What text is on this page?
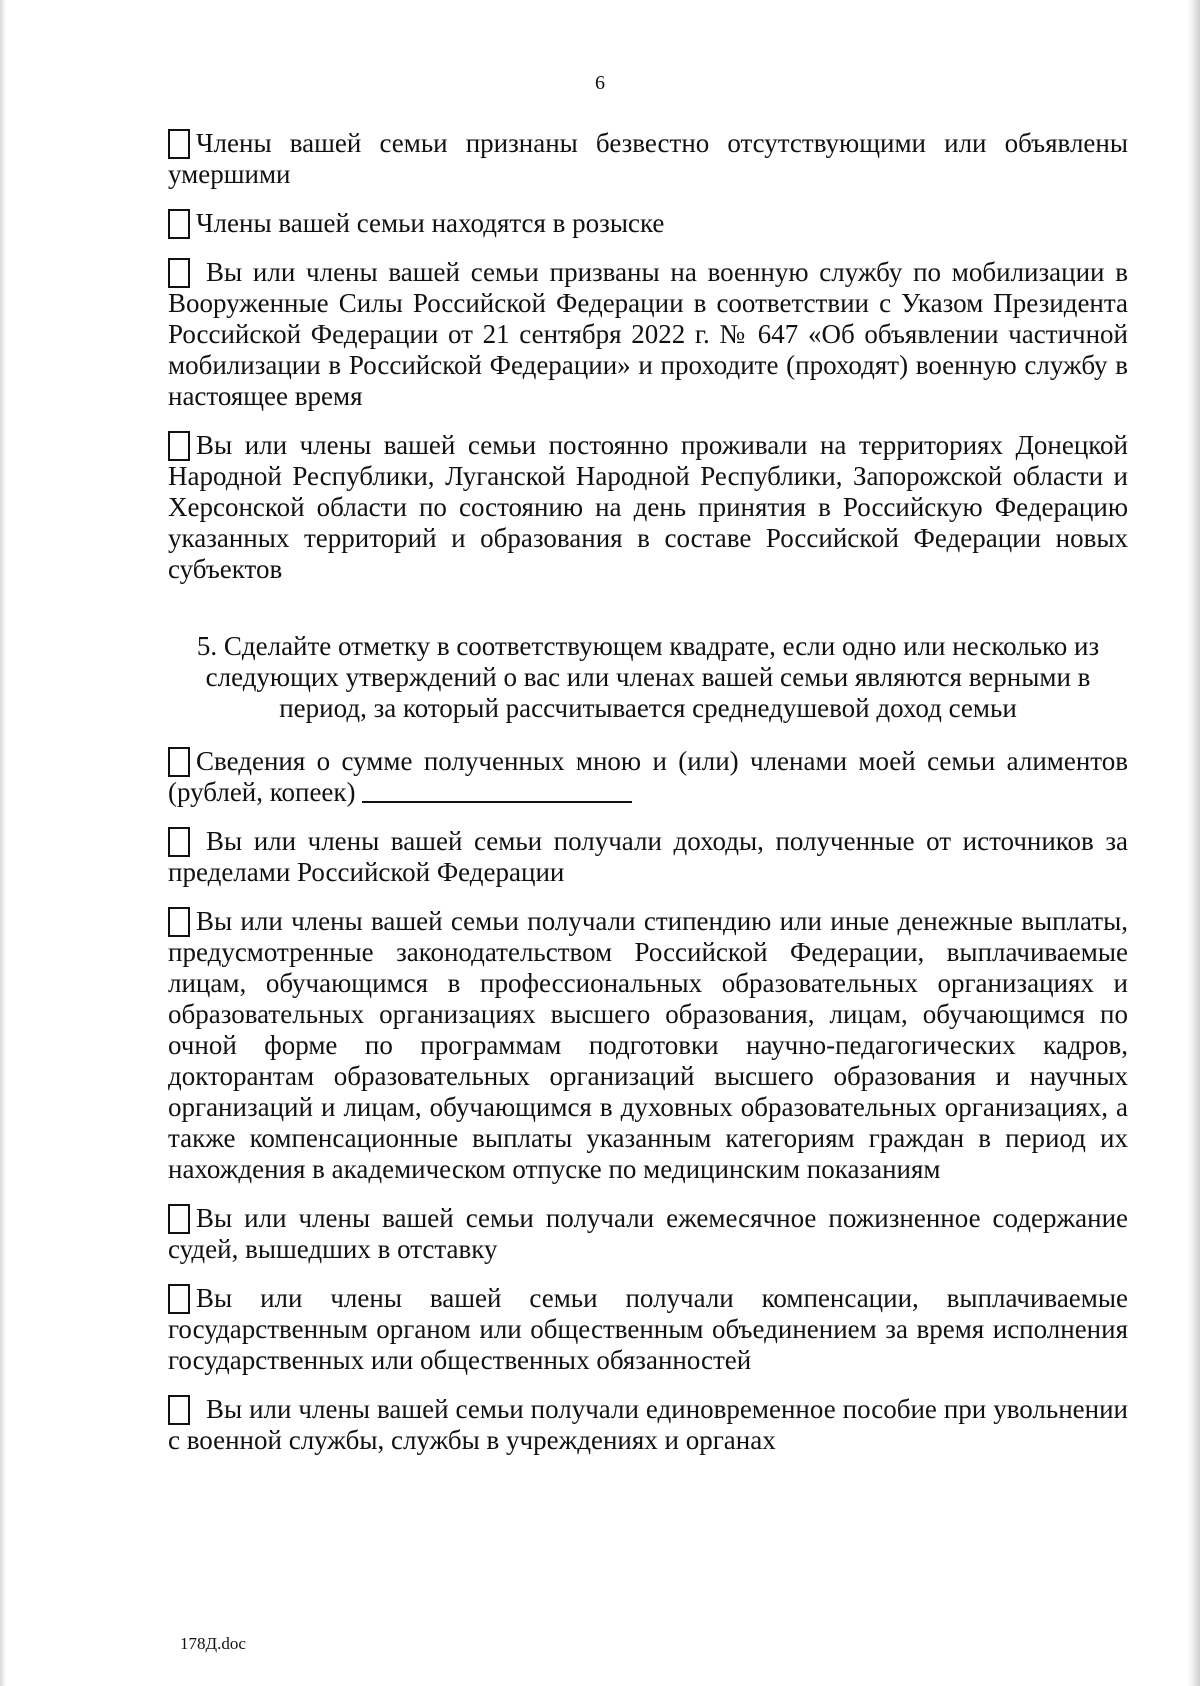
6
Члены вашей семьи признаны безвестно отсутствующими или объявлены умершими
Члены вашей семьи находятся в розыске
Вы или члены вашей семьи призваны на военную службу по мобилизации в Вооруженные Силы Российской Федерации в соответствии с Указом Президента Российской Федерации от 21 сентября 2022 г. № 647 «Об объявлении частичной мобилизации в Российской Федерации» и проходите (проходят) военную службу в настоящее время
Вы или члены вашей семьи постоянно проживали на территориях Донецкой Народной Республики, Луганской Народной Республики, Запорожской области и Херсонской области по состоянию на день принятия в Российскую Федерацию указанных территорий и образования в составе Российской Федерации новых субъектов
5. Сделайте отметку в соответствующем квадрате, если одно или несколько из следующих утверждений о вас или членах вашей семьи являются верными в период, за который рассчитывается среднедушевой доход семьи
Сведения о сумме полученных мною и (или) членами моей семьи алиментов (рублей, копеек)
Вы или члены вашей семьи получали доходы, полученные от источников за пределами Российской Федерации
Вы или члены вашей семьи получали стипендию или иные денежные выплаты, предусмотренные законодательством Российской Федерации, выплачиваемые лицам, обучающимся в профессиональных образовательных организациях и образовательных организациях высшего образования, лицам, обучающимся по очной форме по программам подготовки научно-педагогических кадров, докторантам образовательных организаций высшего образования и научных организаций и лицам, обучающимся в духовных образовательных организациях, а также компенсационные выплаты указанным категориям граждан в период их нахождения в академическом отпуске по медицинским показаниям
Вы или члены вашей семьи получали ежемесячное пожизненное содержание судей, вышедших в отставку
Вы или члены вашей семьи получали компенсации, выплачиваемые государственным органом или общественным объединением за время исполнения государственных или общественных обязанностей
Вы или члены вашей семьи получали единовременное пособие при увольнении с военной службы, службы в учреждениях и органах
178Д.doc
